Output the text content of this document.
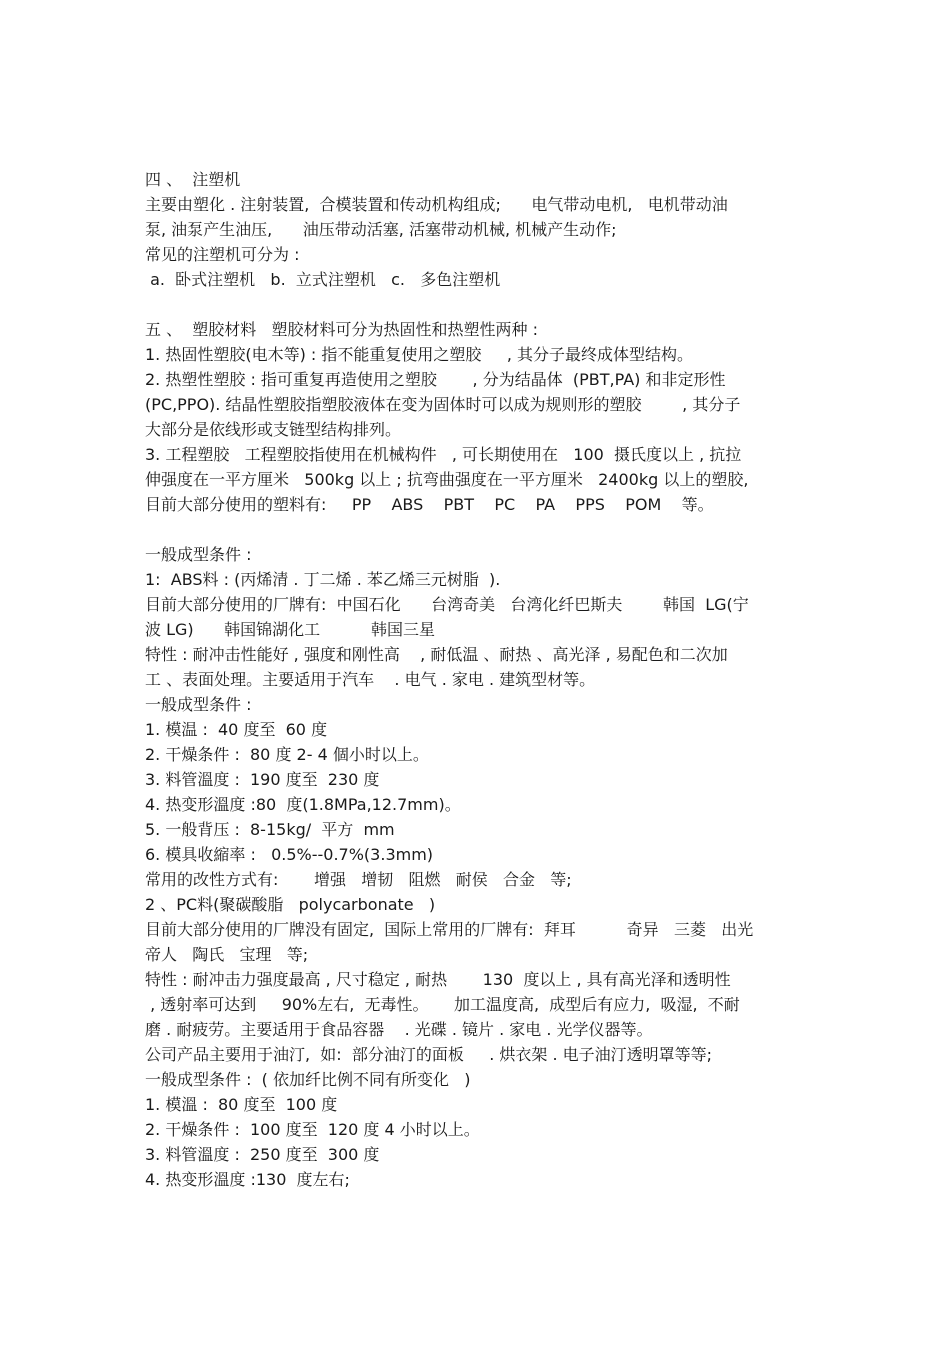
四 、  注塑机
主要由塑化 . 注射装置,  合模装置和传动机构组成;      电气带动电机,   电机带动油
泵, 油泵产生油压,      油压带动活塞, 活塞带动机械, 机械产生动作;
常见的注塑机可分为 :
a.  卧式注塑机   b.  立式注塑机   c.   多色注塑机
五 、  塑胶材料   塑胶材料可分为热固性和热塑性两种 :
1. 热固性塑胶(电木等) : 指不能重复使用之塑胶     , 其分子最终成体型结构。
2. 热塑性塑胶 : 指可重复再造使用之塑胶       , 分为结晶体  (PBT,PA) 和非定形性
(PC,PPO). 结晶性塑胶指塑胶液体在变为固体时可以成为规则形的塑胶        , 其分子
大部分是依线形或支链型结构排列。
3. 工程塑胶   工程塑胶指使用在机械构件   , 可长期使用在   100  摄氏度以上 , 抗拉
伸强度在一平方厘米   500kg 以上 ; 抗弯曲强度在一平方厘米   2400kg 以上的塑胶,
目前大部分使用的塑料有:     PP    ABS    PBT    PC    PA    PPS    POM    等。
一般成型条件 :
1:  ABS料 : (丙烯清 . 丁二烯 . 苯乙烯三元树脂  ).
目前大部分使用的厂牌有:  中国石化      台湾奇美   台湾化纤巴斯夫        韩国  LG(宁
波 LG)      韩国锦湖化工          韩国三星
特性 : 耐冲击性能好 , 强度和刚性高    , 耐低温 、耐热 、高光泽 , 易配色和二次加
工 、表面处理。主要适用于汽车    . 电气 . 家电 . 建筑型材等。
一般成型条件 :
1. 模温 :  40 度至  60 度
2. 干燥条件 :  80 度 2- 4 個小时以上。
3. 料管溫度 :  190 度至  230 度
4. 热变形溫度 :80  度(1.8MPa,12.7mm)。
5. 一般背压 :  8-15kg/  平方  mm
6. 模具收縮率 :   0.5%--0.7%(3.3mm)
常用的改性方式有:       增强   增韧   阻燃   耐侯   合金   等;
2 、PC料(聚碳酸脂   polycarbonate   )
目前大部分使用的厂牌没有固定,  国际上常用的厂牌有:  拜耳          奇异   三菱   出光
帝人   陶氏   宝理   等;
特性 : 耐冲击力强度最高 , 尺寸稳定 , 耐热       130  度以上 , 具有高光泽和透明性
, 透射率可达到     90%左右,  无毒性。     加工温度高,  成型后有应力,  吸湿,  不耐
磨 . 耐疲劳。主要适用于食品容器    . 光碟 . 镜片 . 家电 . 光学仪器等。
公司产品主要用于油汀,  如:  部分油汀的面板     . 烘衣架 . 电子油汀透明罩等等;
一般成型条件 :  ( 依加纤比例不同有所变化   )
1. 模溫 :  80 度至  100 度
2. 干燥条件 :  100 度至  120 度 4 小时以上。
3. 料管溫度 :  250 度至  300 度
4. 热变形溫度 :130  度左右;
